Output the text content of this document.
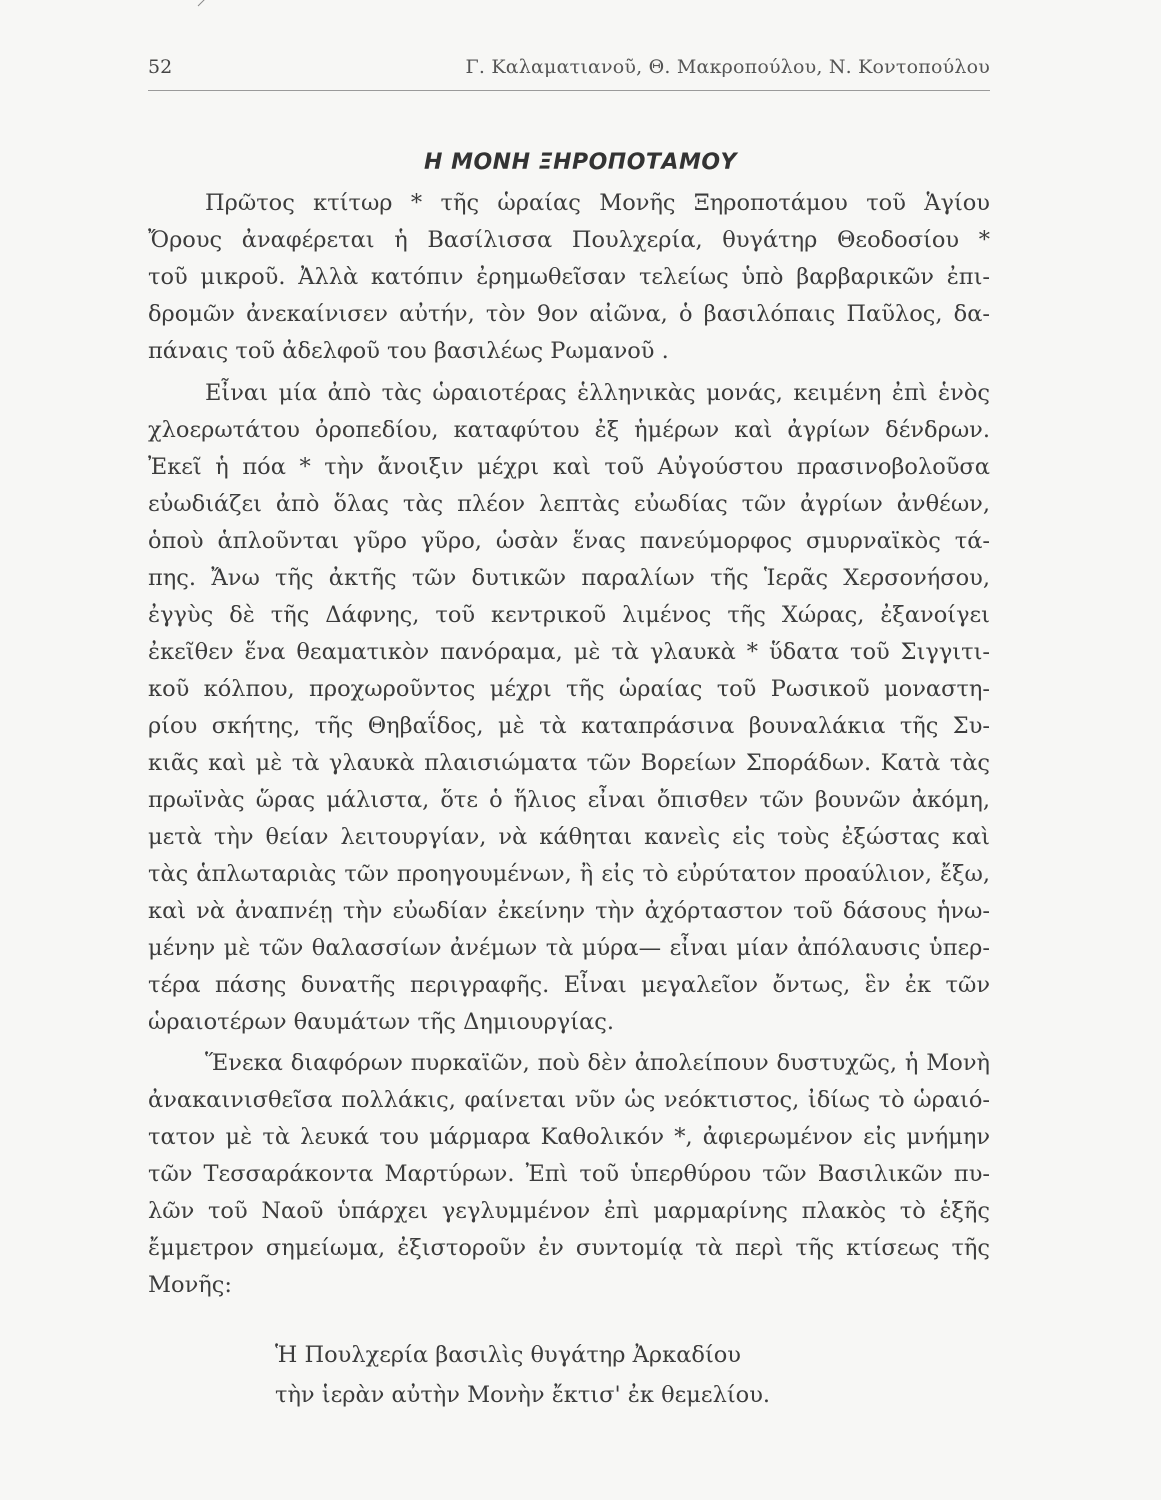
52	Γ. Καλαματιανοῦ, Θ. Μακροπούλου, Ν. Κοντοπούλου
Η ΜΟΝΗ ΞΗΡΟΠΟΤΑΜΟΥ
Πρῶτος κτίτωρ * τῆς ὡραίας Μονῆς Ξηροποτάμου τοῦ Ἁγίου
Ὄρους ἀναφέρεται ἡ Βασίλισσα Πουλχερία, θυγάτηρ Θεοδοσίου *
τοῦ μικροῦ. Ἀλλὰ κατόπιν ἐρημωθεῖσαν τελείως ὑπὸ βαρβαρικῶν ἐπι-
δρομῶν ἀνεκαίνισεν αὐτήν, τὸν 9ον αἰῶνα, ὁ βασιλόπαις Παῦλος, δα-
πάναις τοῦ ἀδελφοῦ του βασιλέως Ρωμανοῦ .
Εἶναι μία ἀπὸ τὰς ὡραιοτέρας ἑλληνικὰς μονάς, κειμένη ἐπὶ ἑνὸς
χλοερωτάτου ὀροπεδίου, καταφύτου ἐξ ἡμέρων καὶ ἀγρίων δένδρων.
Ἐκεῖ ἡ πόα * τὴν ἄνοιξιν μέχρι καὶ τοῦ Αὐγούστου πρασινοβολοῦσα
εὐωδιάζει ἀπὸ ὅλας τὰς πλέον λεπτὰς εὐωδίας τῶν ἀγρίων ἀνθέων,
ὁποὺ ἁπλοῦνται γῦρο γῦρο, ὡσὰν ἕνας πανεύμορφος σμυρναϊκὸς τά-
πης. Ἄνω τῆς ἀκτῆς τῶν δυτικῶν παραλίων τῆς Ἱερᾶς Χερσονήσου,
ἐγγὺς δὲ τῆς Δάφνης, τοῦ κεντρικοῦ λιμένος τῆς Χώρας, ἐξανοίγει
ἐκεῖθεν ἕνα θεαματικὸν πανόραμα, μὲ τὰ γλαυκὰ * ὕδατα τοῦ Σιγγιτι-
κοῦ κόλπου, προχωροῦντος μέχρι τῆς ὡραίας τοῦ Ρωσικοῦ μοναστη-
ρίου σκήτης, τῆς Θηβαΐδος, μὲ τὰ καταπράσινα βουναλάκια τῆς Συ-
κιᾶς καὶ μὲ τὰ γλαυκὰ πλαισιώματα τῶν Βορείων Σποράδων. Κατὰ τὰς
πρωϊνὰς ὥρας μάλιστα, ὅτε ὁ ἥλιος εἶναι ὄπισθεν τῶν βουνῶν ἀκόμη,
μετὰ τὴν θείαν λειτουργίαν, νὰ κάθηται κανεὶς εἰς τοὺς ἐξώστας καὶ
τὰς ἁπλωταριὰς τῶν προηγουμένων, ἢ εἰς τὸ εὐρύτατον προαύλιον, ἔξω,
καὶ νὰ ἀναπνέῃ τὴν εὐωδίαν ἐκείνην τὴν ἀχόρταστον τοῦ δάσους ἡνω-
μένην μὲ τῶν θαλασσίων ἀνέμων τὰ μύρα— εἶναι μίαν ἀπόλαυσις ὑπερ-
τέρα πάσης δυνατῆς περιγραφῆς. Εἶναι μεγαλεῖον ὄντως, ἓν ἐκ τῶν
ὡραιοτέρων θαυμάτων τῆς Δημιουργίας.
Ἕνεκα διαφόρων πυρκαϊῶν, ποὺ δὲν ἀπολείπουν δυστυχῶς, ἡ Μονὴ
ἀνακαινισθεῖσα πολλάκις, φαίνεται νῦν ὡς νεόκτιστος, ἰδίως τὸ ὡραιό-
τατον μὲ τὰ λευκά του μάρμαρα Καθολικόν *, ἀφιερωμένον εἰς μνήμην
τῶν Τεσσαράκοντα Μαρτύρων. Ἐπὶ τοῦ ὑπερθύρου τῶν Βασιλικῶν πυ-
λῶν τοῦ Ναοῦ ὑπάρχει γεγλυμμένον ἐπὶ μαρμαρίνης πλακὸς τὸ ἑξῆς
ἔμμετρον σημείωμα, ἐξιστοροῦν ἐν συντομίᾳ τὰ περὶ τῆς κτίσεως τῆς
Μονῆς:
Ἡ Πουλχερία βασιλὶς θυγάτηρ Ἀρκαδίου
τὴν ἱερὰν αὐτὴν Μονὴν ἔκτισ' ἐκ θεμελίου.
